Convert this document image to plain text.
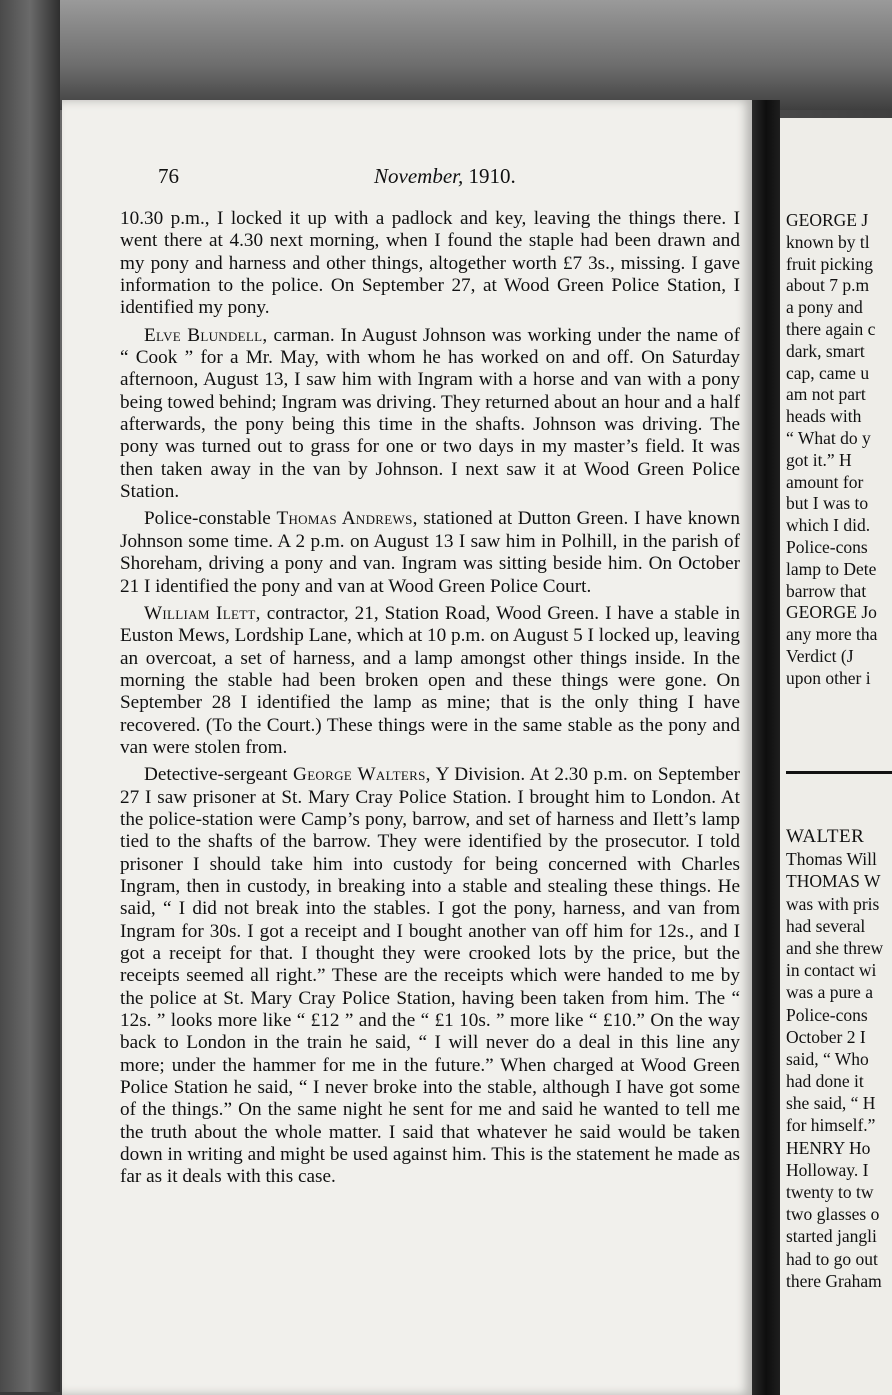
76	November, 1910.

10.30 p.m., I locked it up with a padlock and key, leaving the things there. I went there at 4.30 next morning, when I found the staple had been drawn and my pony and harness and other things, altogether worth £7 3s., missing. I gave information to the police. On September 27, at Wood Green Police Station, I identified my pony.

Elve Blundell, carman. In August Johnson was working under the name of “ Cook ” for a Mr. May, with whom he has worked on and off. On Saturday afternoon, August 13, I saw him with Ingram with a horse and van with a pony being towed behind; Ingram was driving. They returned about an hour and a half afterwards, the pony being this time in the shafts. Johnson was driving. The pony was turned out to grass for one or two days in my master’s field. It was then taken away in the van by Johnson. I next saw it at Wood Green Police Station.

Police-constable Thomas Andrews, stationed at Dutton Green. I have known Johnson some time. A 2 p.m. on August 13 I saw him in Polhill, in the parish of Shoreham, driving a pony and van. Ingram was sitting beside him. On October 21 I identified the pony and van at Wood Green Police Court.

William Ilett, contractor, 21, Station Road, Wood Green. I have a stable in Euston Mews, Lordship Lane, which at 10 p.m. on August 5 I locked up, leaving an overcoat, a set of harness, and a lamp amongst other things inside. In the morning the stable had been broken open and these things were gone. On September 28 I identified the lamp as mine; that is the only thing I have recovered. (To the Court.) These things were in the same stable as the pony and van were stolen from.

Detective-sergeant George Walters, Y Division. At 2.30 p.m. on September 27 I saw prisoner at St. Mary Cray Police Station. I brought him to London. At the police-station were Camp’s pony, barrow, and set of harness and Ilett’s lamp tied to the shafts of the barrow. They were identified by the prosecutor. I told prisoner I should take him into custody for being concerned with Charles Ingram, then in custody, in breaking into a stable and stealing these things. He said, “ I did not break into the stables. I got the pony, harness, and van from Ingram for 30s. I got a receipt and I bought another van off him for 12s., and I got a receipt for that. I thought they were crooked lots by the price, but the receipts seemed all right.” These are the receipts which were handed to me by the police at St. Mary Cray Police Station, having been taken from him. The “ 12s. ” looks more like “ £12 ” and the “ £1 10s. ” more like “ £10.” On the way back to London in the train he said, “ I will never do a deal in this line any more; under the hammer for me in the future.” When charged at Wood Green Police Station he said, “ I never broke into the stable, although I have got some of the things.” On the same night he sent for me and said he wanted to tell me the truth about the whole matter. I said that whatever he said would be taken down in writing and might be used against him. This is the statement he made as far as it deals with this case.

GEORGE J
known by tl
fruit picking
about 7 p.m
a pony and
there again c
dark, smart
cap, came u
am not part
heads with
“ What do y
got it.” H
amount for
but I was to
which I did.
Police-cons
lamp to Dete
barrow that
GEORGE Jo
any more tha
Verdict (J
upon other i
WALTER
Thomas Will
THOMAS W
was with pris
had several
and she threw
in contact wi
was a pure a
Police-cons
October 2 I
said, “ Who
had done it
she said, “ H
for himself.”
HENRY Ho
Holloway. I
twenty to tw
two glasses o
started jangli
had to go out
there Graham
